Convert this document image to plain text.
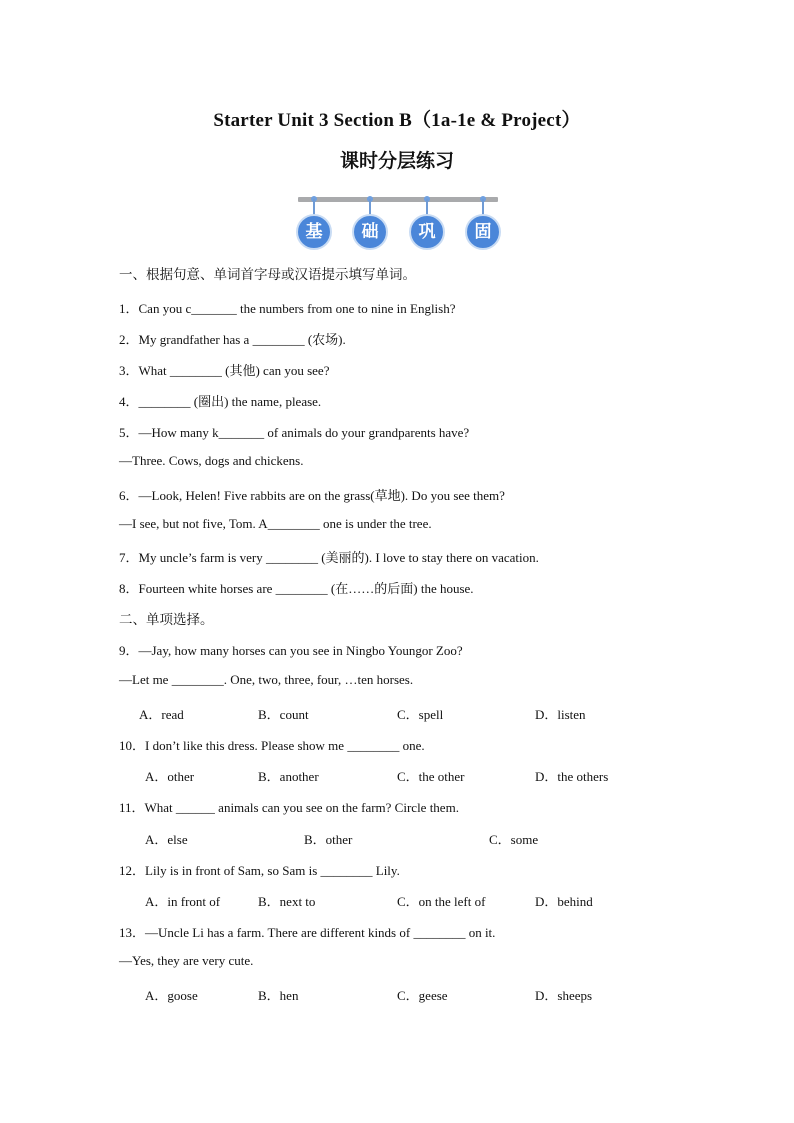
Starter Unit 3 Section B（1a-1e & Project）
课时分层练习
基	础	巩	固
一、根据句意、单词首字母或汉语提示填写单词。
1．Can you c_______ the numbers from one to nine in English?
2．My grandfather has a ________ (农场).
3．What ________ (其他) can you see?
4．________ (圈出) the name, please.
5．—How many k_______ of animals do your grandparents have?
—Three. Cows, dogs and chickens.
6．—Look, Helen! Five rabbits are on the grass(草地). Do you see them?
—I see, but not five, Tom. A________ one is under the tree.
7．My uncle’s farm is very ________ (美丽的). I love to stay there on vacation.
8．Fourteen white horses are ________ (在……的后面) the house.
二、单项选择。
9．—Jay, how many horses can you see in Ningbo Youngor Zoo?
—Let me ________. One, two, three, four, …ten horses.
A．read	B．count	C．spell	D．listen
10．I don’t like this dress. Please show me ________ one.
A．other	B．another	C．the other	D．the others
11．What ______ animals can you see on the farm? Circle them.
A．else	B．other	C．some
12．Lily is in front of Sam, so Sam is ________ Lily.
A．in front of	B．next to	C．on the left of	D．behind
13．—Uncle Li has a farm. There are different kinds of ________ on it.
—Yes, they are very cute.
A．goose	B．hen	C．geese	D．sheeps
